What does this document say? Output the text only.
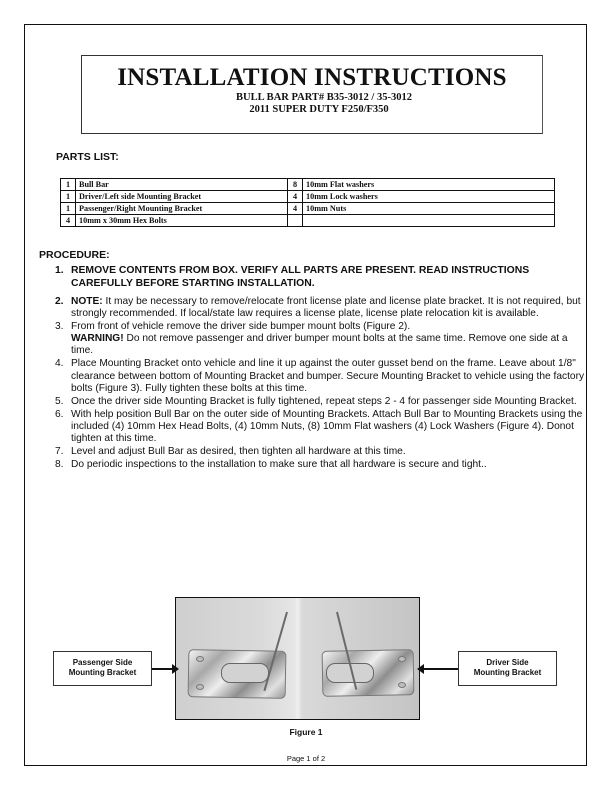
INSTALLATION INSTRUCTIONS
BULL BAR PART# B35-3012 / 35-3012
2011 SUPER DUTY F250/F350
PARTS LIST:
1	Bull Bar	8	10mm Flat washers
1	Driver/Left side Mounting Bracket	4	10mm Lock washers
1	Passenger/Right Mounting Bracket	4	10mm Nuts
4	10mm x 30mm Hex Bolts		
PROCEDURE:
1. REMOVE CONTENTS FROM BOX. VERIFY ALL PARTS ARE PRESENT. READ INSTRUCTIONS CAREFULLY BEFORE STARTING INSTALLATION.
2. NOTE: It may be necessary to remove/relocate front license plate and license plate bracket. It is not required, but strongly recommended. If local/state law requires a license plate, license plate relocation kit is available.
3. From front of vehicle remove the driver side bumper mount bolts (Figure 2).
WARNING! Do not remove passenger and driver bumper mount bolts at the same time. Remove one side at a time.
4. Place Mounting Bracket onto vehicle and line it up against the outer gusset bend on the frame. Leave about 1/8" clearance between bottom of Mounting Bracket and bumper. Secure Mounting Bracket to vehicle using the factory bolts (Figure 3). Fully tighten these bolts at this time.
5. Once the driver side Mounting Bracket is fully tightened, repeat steps 2 - 4 for passenger side Mounting Bracket.
6. With help position Bull Bar on the outer side of Mounting Brackets. Attach Bull Bar to Mounting Brackets using the included (4) 10mm Hex Head Bolts, (4) 10mm Nuts, (8) 10mm Flat washers (4) Lock Washers (Figure 4). Donot tighten at this time.
7. Level and adjust Bull Bar as desired, then tighten all hardware at this time.
8. Do periodic inspections to the installation to make sure that all hardware is secure and tight..
Passenger Side
Mounting Bracket
Driver Side
Mounting Bracket
Figure 1
Page 1 of 2
